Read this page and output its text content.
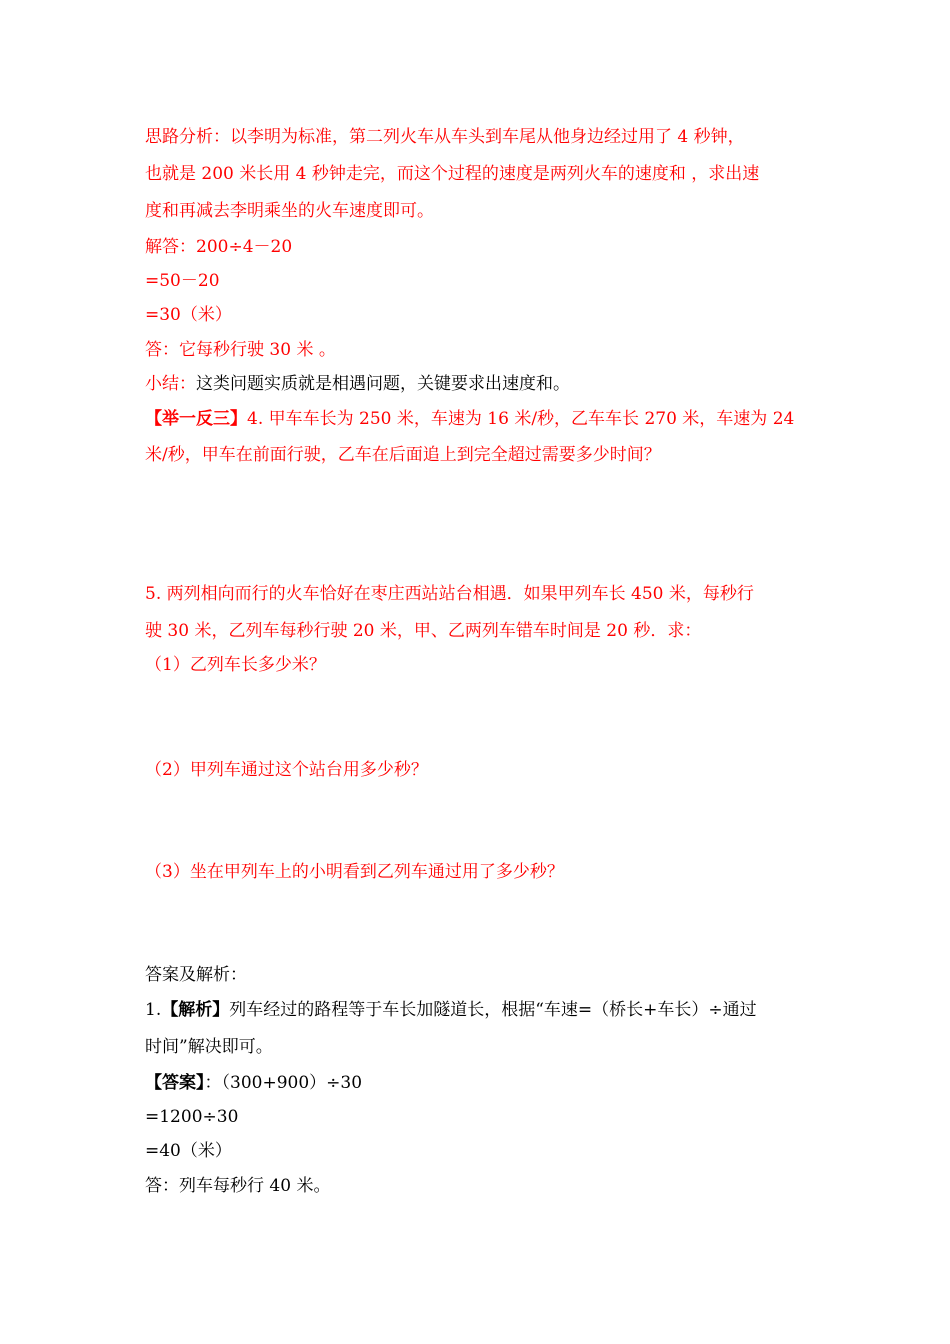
思路分析：以李明为标准，第二列火车从车头到车尾从他身边经过用了 4 秒钟，
也就是 200 米长用 4 秒钟走完，而这个过程的速度是两列火车的速度和 ，求出速
度和再减去李明乘坐的火车速度即可。
解答：200÷4－20
=50－20
=30（米）
答：它每秒行驶 30 米 。
小结：这类问题实质就是相遇问题，关键要求出速度和。
【举一反三】4. 甲车车长为 250 米，车速为 16 米/秒，乙车车长 270 米，车速为 24
米/秒，甲车在前面行驶，乙车在后面追上到完全超过需要多少时间？
5. 两列相向而行的火车恰好在枣庄西站站台相遇．如果甲列车长 450 米，每秒行
驶 30 米，乙列车每秒行驶 20 米，甲、乙两列车错车时间是 20 秒．求：
（1）乙列车长多少米？
（2）甲列车通过这个站台用多少秒？
（3）坐在甲列车上的小明看到乙列车通过用了多少秒？
答案及解析：
1.【解析】列车经过的路程等于车长加隧道长，根据“车速=（桥长+车长）÷通过
时间”解决即可。
【答案】：（300+900）÷30
=1200÷30
=40（米）
答：列车每秒行 40 米。
